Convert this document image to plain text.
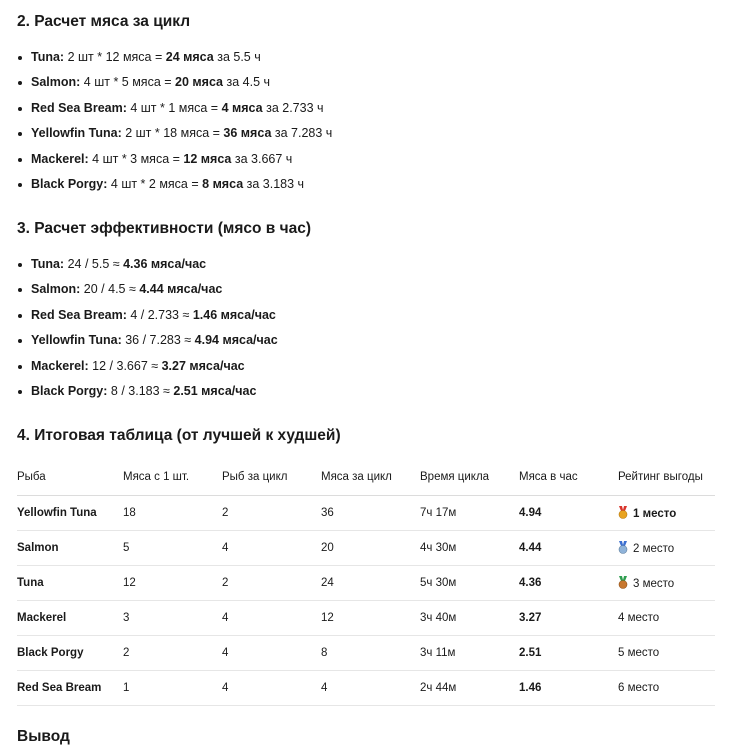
2. Расчет мяса за цикл
Tuna: 2 шт * 12 мяса = 24 мяса за 5.5 ч
Salmon: 4 шт * 5 мяса = 20 мяса за 4.5 ч
Red Sea Bream: 4 шт * 1 мяса = 4 мяса за 2.733 ч
Yellowfin Tuna: 2 шт * 18 мяса = 36 мяса за 7.283 ч
Mackerel: 4 шт * 3 мяса = 12 мяса за 3.667 ч
Black Porgy: 4 шт * 2 мяса = 8 мяса за 3.183 ч
3. Расчет эффективности (мясо в час)
Tuna: 24 / 5.5 ≈ 4.36 мяса/час
Salmon: 20 / 4.5 ≈ 4.44 мяса/час
Red Sea Bream: 4 / 2.733 ≈ 1.46 мяса/час
Yellowfin Tuna: 36 / 7.283 ≈ 4.94 мяса/час
Mackerel: 12 / 3.667 ≈ 3.27 мяса/час
Black Porgy: 8 / 3.183 ≈ 2.51 мяса/час
4. Итоговая таблица (от лучшей к худшей)
Рыба	Мяса с 1 шт.	Рыб за цикл	Мяса за цикл	Время цикла	Мяса в час	Рейтинг выгоды
Yellowfin Tuna	18	2	36	7ч 17м	4.94	1 место
Salmon	5	4	20	4ч 30м	4.44	2 место
Tuna	12	2	24	5ч 30м	4.36	3 место
Mackerel	3	4	12	3ч 40м	3.27	4 место
Black Porgy	2	4	8	3ч 11м	2.51	5 место
Red Sea Bream	1	4	4	2ч 44м	1.46	6 место
Вывод
